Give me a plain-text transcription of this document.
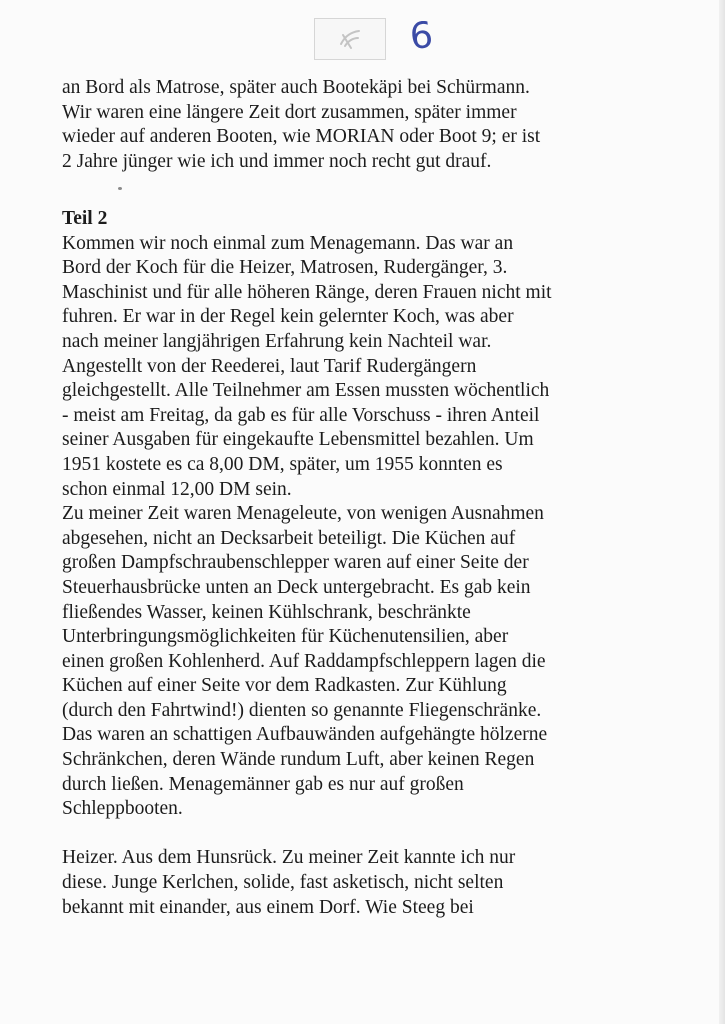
6
an Bord als Matrose, später auch Bootekäpi bei Schürmann.
Wir waren eine längere Zeit dort zusammen, später immer
wieder auf anderen Booten, wie MORIAN oder Boot 9; er ist
2 Jahre jünger wie ich und immer noch recht gut drauf.
Teil 2
Kommen wir noch einmal zum Menagemann. Das war an
Bord der Koch für die Heizer, Matrosen, Rudergänger, 3.
Maschinist und für alle höheren Ränge, deren Frauen nicht mit
fuhren. Er war in der Regel kein gelernter Koch, was aber
nach meiner langjährigen Erfahrung kein Nachteil war.
Angestellt von der Reederei, laut Tarif Rudergängern
gleichgestellt. Alle Teilnehmer am Essen mussten wöchentlich
- meist am Freitag, da gab es für alle Vorschuss - ihren Anteil
seiner Ausgaben für eingekaufte Lebensmittel bezahlen. Um
1951 kostete es ca 8,00 DM, später, um 1955 konnten es
schon einmal 12,00 DM sein.
Zu meiner Zeit waren Menageleute, von wenigen Ausnahmen
abgesehen, nicht an Decksarbeit beteiligt. Die Küchen auf
großen Dampfschraubenschlepper waren auf einer Seite der
Steuerhausbrücke unten an Deck untergebracht. Es gab kein
fließendes Wasser, keinen Kühlschrank, beschränkte
Unterbringungsmöglichkeiten für Küchenutensilien, aber
einen großen Kohlenherd. Auf Raddampfschleppern lagen die
Küchen auf einer Seite vor dem Radkasten. Zur Kühlung
(durch den Fahrtwind!) dienten so genannte Fliegenschränke.
Das waren an schattigen Aufbauwänden aufgehängte hölzerne
Schränkchen, deren Wände rundum Luft, aber keinen Regen
durch ließen. Menagemänner gab es nur auf großen
Schleppbooten.
Heizer. Aus dem Hunsrück. Zu meiner Zeit kannte ich nur
diese. Junge Kerlchen, solide, fast asketisch, nicht selten
bekannt mit einander, aus einem Dorf. Wie Steeg bei
